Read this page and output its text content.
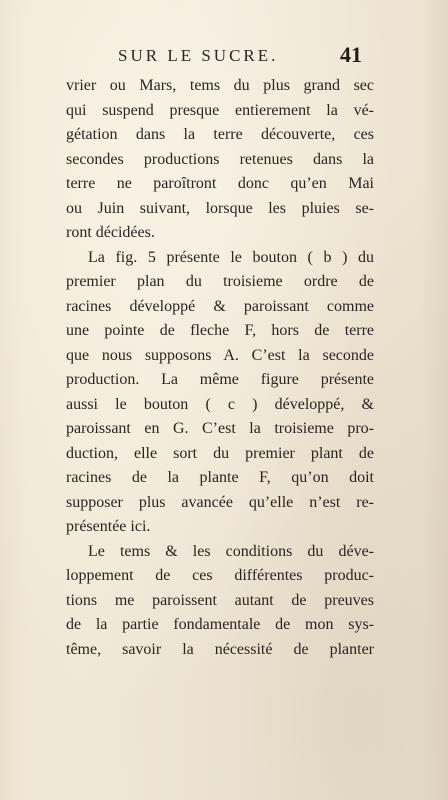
SUR LE SUCRE.	41
vrier ou Mars, tems du plus grand sec
qui suspend presque entierement la vé-
gétation dans la terre découverte, ces
secondes productions retenues dans la
terre ne paroîtront donc qu’en Mai
ou Juin suivant, lorsque les pluies se-
ront décidées.
La fig. 5 présente le bouton ( b ) du
premier plan du troisieme ordre de
racines développé & paroissant comme
une pointe de fleche F, hors de terre
que nous supposons A. C’est la seconde
production. La même figure présente
aussi le bouton ( c ) développé, &
paroissant en G. C’est la troisieme pro-
duction, elle sort du premier plant de
racines de la plante F, qu’on doit
supposer plus avancée qu’elle n’est re-
présentée ici.
Le tems & les conditions du déve-
loppement de ces différentes produc-
tions me paroissent autant de preuves
de la partie fondamentale de mon sys-
tême, savoir la nécessité de planter
